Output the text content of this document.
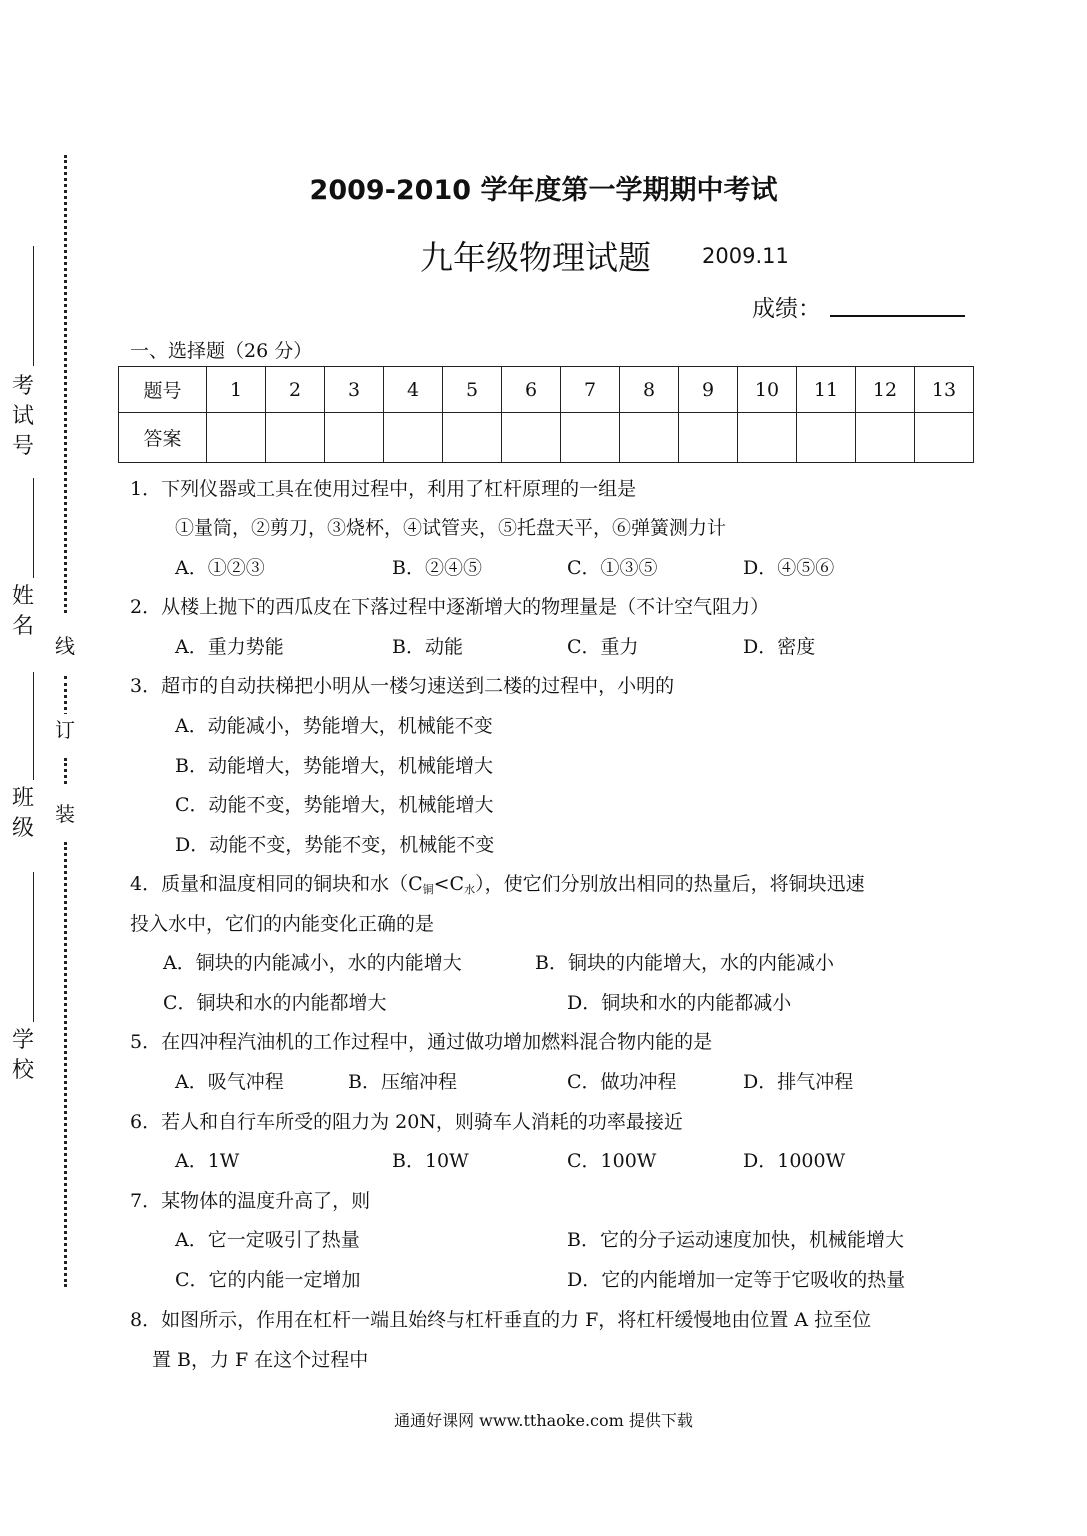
线
订
装
考
试
号
姓
名
班
级
学
校
2009-2010 学年度第一学期期中考试
九年级物理试题 2009.11
成绩：
一、选择题（26 分）
题号	1	2	3	4	5	6	7	8	9	10	11	12	13
答案													
1．下列仪器或工具在使用过程中，利用了杠杆原理的一组是
①量筒，②剪刀，③烧杯，④试管夹，⑤托盘天平，⑥弹簧测力计
A．①②③	B．②④⑤	C．①③⑤	D．④⑤⑥
2．从楼上抛下的西瓜皮在下落过程中逐渐增大的物理量是（不计空气阻力）
A．重力势能	B．动能	C．重力	D．密度
3．超市的自动扶梯把小明从一楼匀速送到二楼的过程中，小明的
A．动能减小，势能增大，机械能不变
B．动能增大，势能增大，机械能增大
C．动能不变，势能增大，机械能增大
D．动能不变，势能不变，机械能不变
4．质量和温度相同的铜块和水$(C_铜<C_水)$，使它们分别放出相同的热量后，将铜块迅速
投入水中，它们的内能变化正确的是
A．铜块的内能减小，水的内能增大	B．铜块的内能增大，水的内能减小
C．铜块和水的内能都增大	D．铜块和水的内能都减小
5．在四冲程汽油机的工作过程中，通过做功增加燃料混合物内能的是
A．吸气冲程	B．压缩冲程	C．做功冲程	D．排气冲程
6．若人和自行车所受的阻力为 20N，则骑车人消耗的功率最接近
A．1W	B．10W	C．100W	D．1000W
7．某物体的温度升高了，则
A．它一定吸引了热量	B．它的分子运动速度加快，机械能增大
C．它的内能一定增加	D．它的内能增加一定等于它吸收的热量
8．如图所示，作用在杠杆一端且始终与杠杆垂直的力 F，将杠杆缓慢地由位置 A 拉至位
置 B，力 F 在这个过程中
通通好课网 www.tthaoke.com 提供下载
